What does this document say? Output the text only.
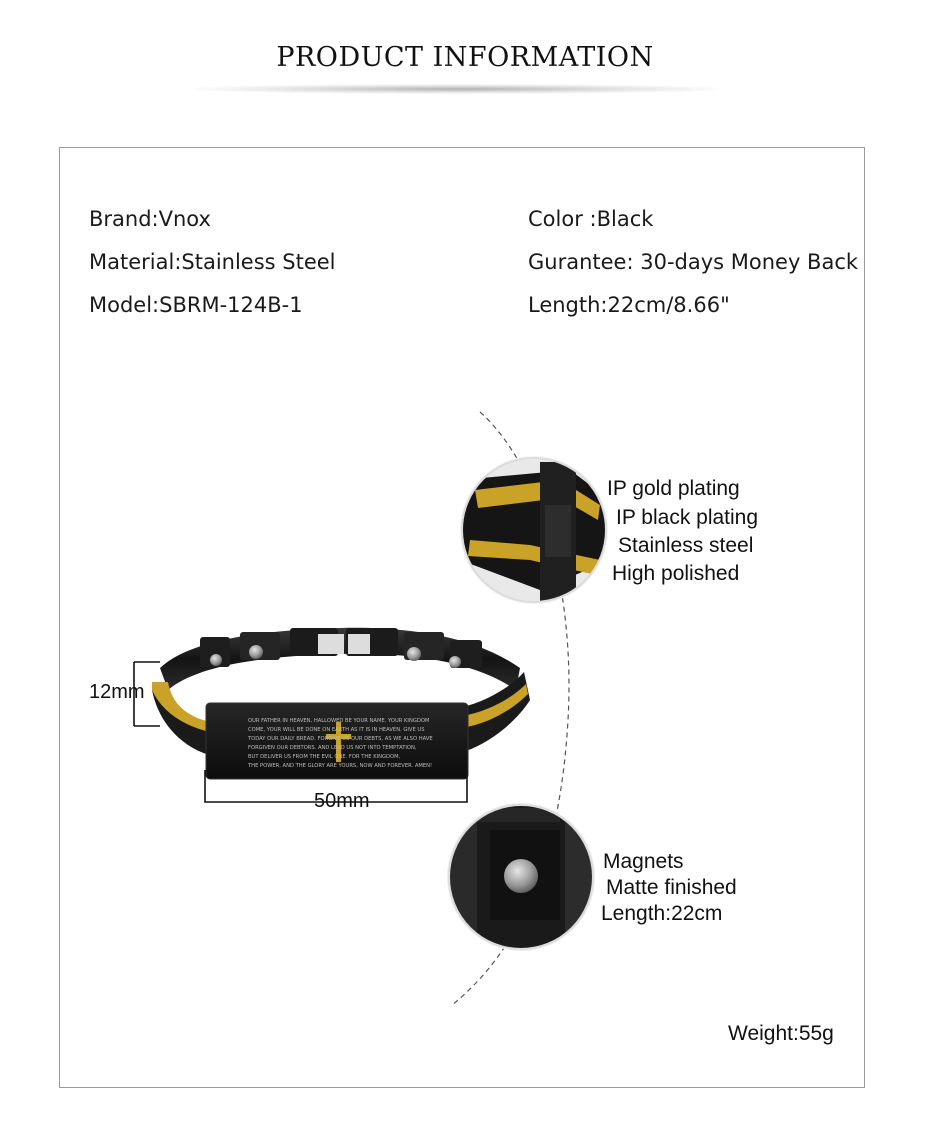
PRODUCT INFORMATION
Brand:Vnox
Material:Stainless Steel
Model:SBRM-124B-1
Color :Black
Gurantee: 30-days Money Back
Length:22cm/8.66"
OUR FATHER IN HEAVEN, HALLOWED BE YOUR NAME. YOUR KINGDOM
COME, YOUR WILL BE DONE ON EARTH AS IT IS IN HEAVEN. GIVE US
TODAY OUR DAILY BREAD. FORGIVE US OUR DEBTS, AS WE ALSO HAVE
FORGIVEN OUR DEBTORS. AND LEAD US NOT INTO TEMPTATION,
BUT DELIVER US FROM THE EVIL ONE. FOR THE KINGDOM,
THE POWER, AND THE GLORY ARE YOURS, NOW AND FOREVER. AMEN!
IP gold plating
IP black plating
Stainless steel
High polished
Magnets
Matte finished
Length:22cm
12mm
50mm
Weight:55g
